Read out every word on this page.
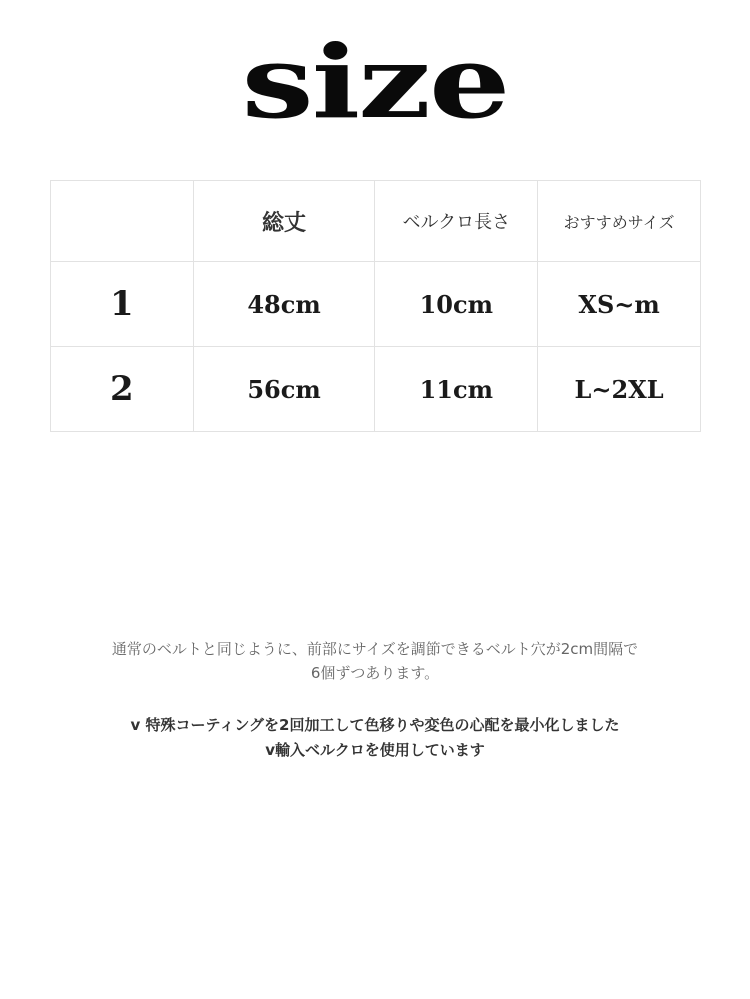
size
	総丈	ベルクロ長さ	おすすめサイズ
1	48cm	10cm	XS~m
2	56cm	11cm	L~2XL
通常のベルトと同じように、前部にサイズを調節できるベルト穴が2cm間隔で
6個ずつあります。
v 特殊コーティングを2回加工して色移りや変色の心配を最小化しました
v輸入ベルクロを使用しています
